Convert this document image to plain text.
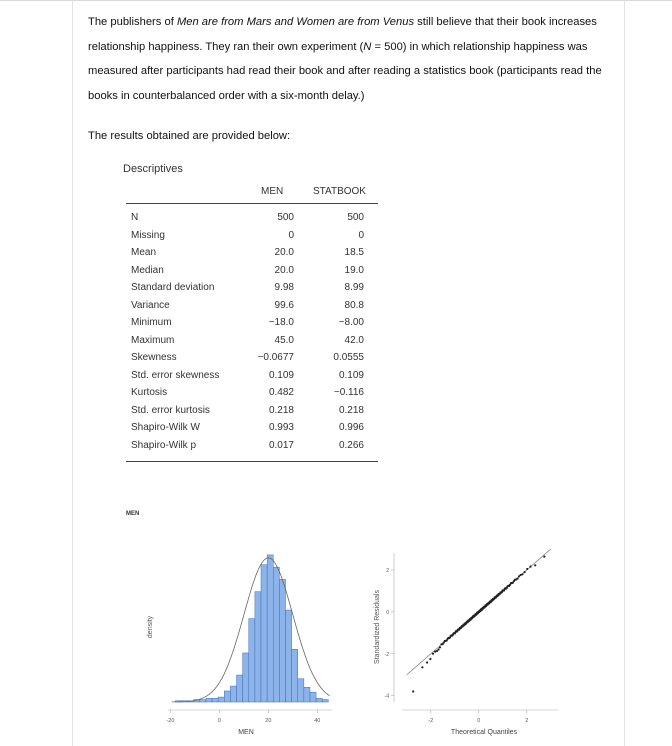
The publishers of Men are from Mars and Women are from Venus still believe that their book increases relationship happiness. They ran their own experiment (N = 500) in which relationship happiness was measured after participants had read their book and after reading a statistics book (participants read the books in counterbalanced order with a six-month delay.)
The results obtained are provided below:
Descriptives
MEN	STATBOOK
N	500	500
Missing	0	0
Mean	20.0	18.5
Median	20.0	19.0
Standard deviation	9.98	8.99
Variance	99.6	80.8
Minimum	−18.0	−8.00
Maximum	45.0	42.0
Skewness	−0.0677	0.0555
Std. error skewness	0.109	0.109
Kurtosis	0.482	−0.116
Std. error kurtosis	0.218	0.218
Shapiro-Wilk W	0.993	0.996
Shapiro-Wilk p	0.017	0.266
MEN
density
-20	0	20	40
MEN
Standardized Residuals
-4
-2
0
2
-2	0	2
Theoretical Quantiles
